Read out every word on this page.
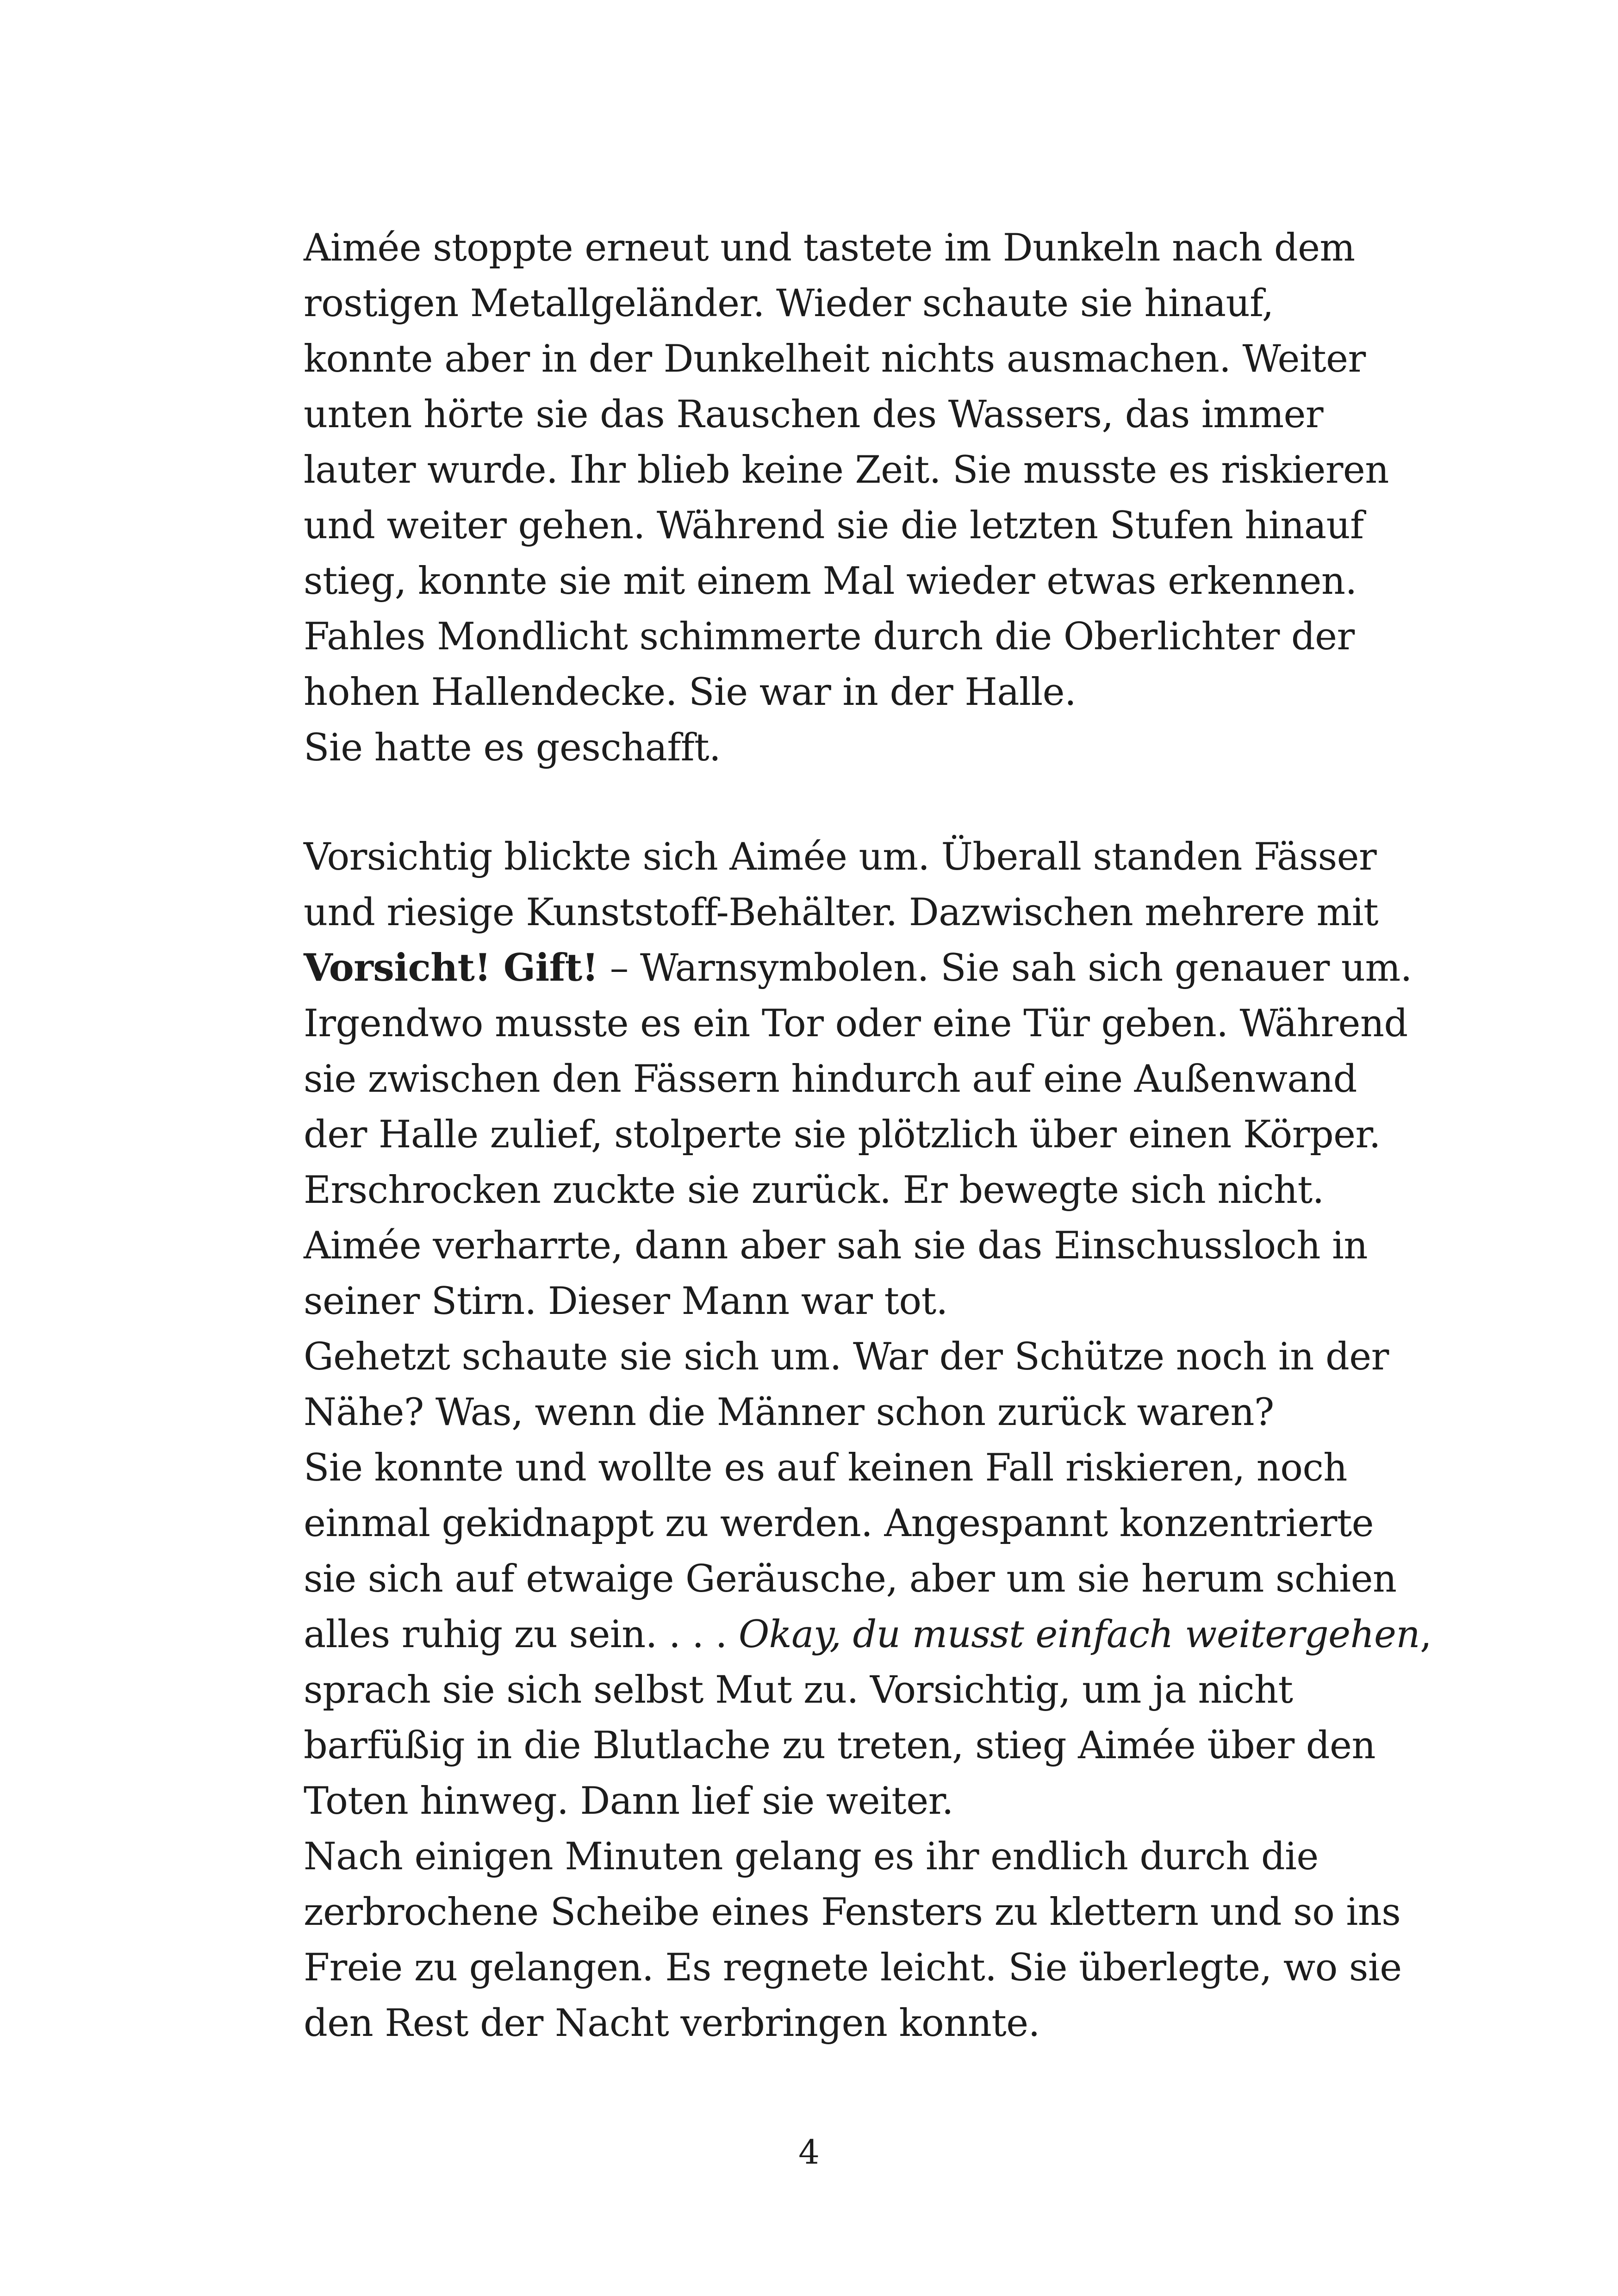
Aimée stoppte erneut und tastete im Dunkeln nach dem
rostigen Metallgeländer. Wieder schaute sie hinauf,
konnte aber in der Dunkelheit nichts ausmachen. Weiter
unten hörte sie das Rauschen des Wassers, das immer
lauter wurde. Ihr blieb keine Zeit. Sie musste es riskieren
und weiter gehen. Während sie die letzten Stufen hinauf
stieg, konnte sie mit einem Mal wieder etwas erkennen.
Fahles Mondlicht schimmerte durch die Oberlichter der
hohen Hallendecke. Sie war in der Halle.
Sie hatte es geschafft.
Vorsichtig blickte sich Aimée um. Überall standen Fässer
und riesige Kunststoff-Behälter. Dazwischen mehrere mit
Vorsicht! Gift! – Warnsymbolen. Sie sah sich genauer um.
Irgendwo musste es ein Tor oder eine Tür geben. Während
sie zwischen den Fässern hindurch auf eine Außenwand
der Halle zulief, stolperte sie plötzlich über einen Körper.
Erschrocken zuckte sie zurück. Er bewegte sich nicht.
Aimée verharrte, dann aber sah sie das Einschussloch in
seiner Stirn. Dieser Mann war tot.
Gehetzt schaute sie sich um. War der Schütze noch in der
Nähe? Was, wenn die Männer schon zurück waren?
Sie konnte und wollte es auf keinen Fall riskieren, noch
einmal gekidnappt zu werden. Angespannt konzentrierte
sie sich auf etwaige Geräusche, aber um sie herum schien
alles ruhig zu sein. . . . Okay, du musst einfach weitergehen,
sprach sie sich selbst Mut zu. Vorsichtig, um ja nicht
barfüßig in die Blutlache zu treten, stieg Aimée über den
Toten hinweg. Dann lief sie weiter.
Nach einigen Minuten gelang es ihr endlich durch die
zerbrochene Scheibe eines Fensters zu klettern und so ins
Freie zu gelangen. Es regnete leicht. Sie überlegte, wo sie
den Rest der Nacht verbringen konnte.
4
